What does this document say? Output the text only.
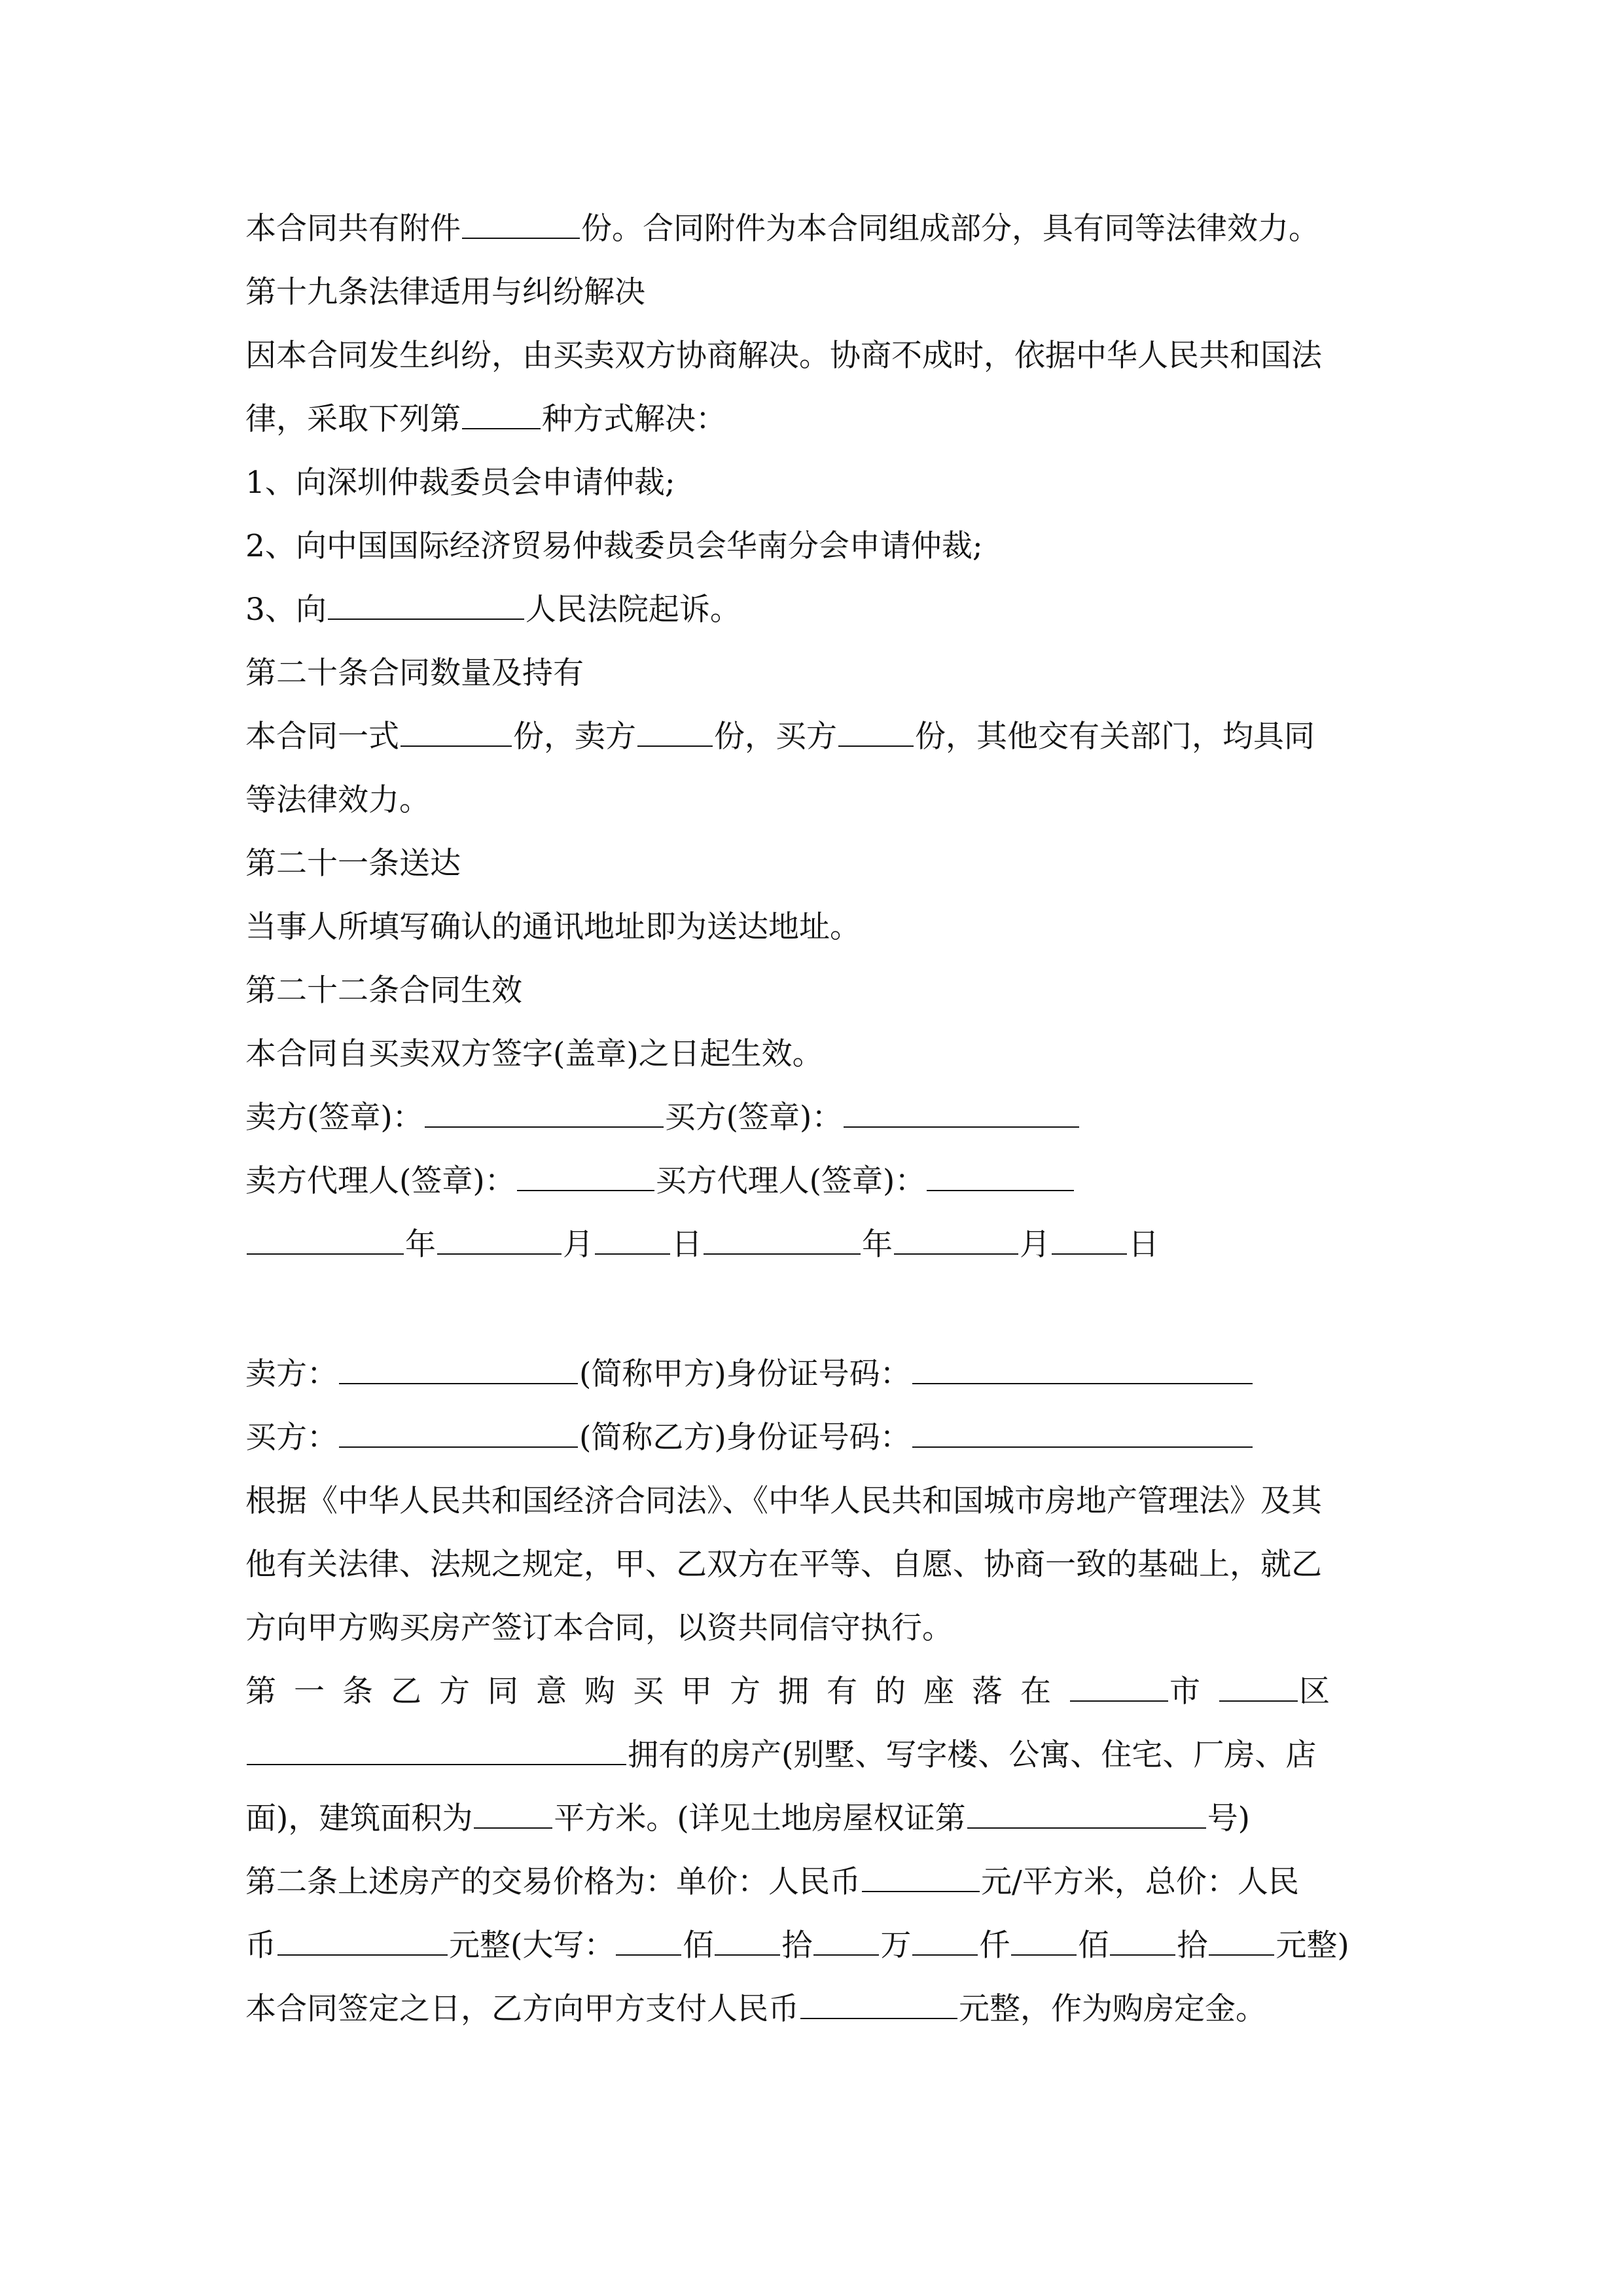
本合同共有附件	份。合同附件为本合同组成部分，具有同等法律效力。
第十九条法律适用与纠纷解决
因本合同发生纠纷，由买卖双方协商解决。协商不成时，依据中华人民共和国法
律，采取下列第	种方式解决：
1、向深圳仲裁委员会申请仲裁;
2、向中国国际经济贸易仲裁委员会华南分会申请仲裁;
3、向	人民法院起诉。
第二十条合同数量及持有
本合同一式	份，卖方	份，买方	份，其他交有关部门，均具同
等法律效力。
第二十一条送达
当事人所填写确认的通讯地址即为送达地址。
第二十二条合同生效
本合同自买卖双方签字(盖章)之日起生效。
卖方(签章)：	买方(签章)：
卖方代理人(签章)：	买方代理人(签章)：
年	月	日	年	月	日
卖方：	(简称甲方)身份证号码：
买方：	(简称乙方)身份证号码：
根据《中华人民共和国经济合同法》、《中华人民共和国城市房地产管理法》及其
他有关法律、法规之规定，甲、乙双方在平等、自愿、协商一致的基础上，就乙
方向甲方购买房产签订本合同，以资共同信守执行。
第一条乙方同意购买甲方拥有的座落在	市	区
拥有的房产(别墅、写字楼、公寓、住宅、厂房、店
面)，建筑面积为	平方米。(详见土地房屋权证第	号)
第二条上述房产的交易价格为：单价：人民币	元/平方米，总价：人民
币	元整(大写： 佰 拾 万 仟 佰 拾 元整)
本合同签定之日，乙方向甲方支付人民币	元整，作为购房定金。
